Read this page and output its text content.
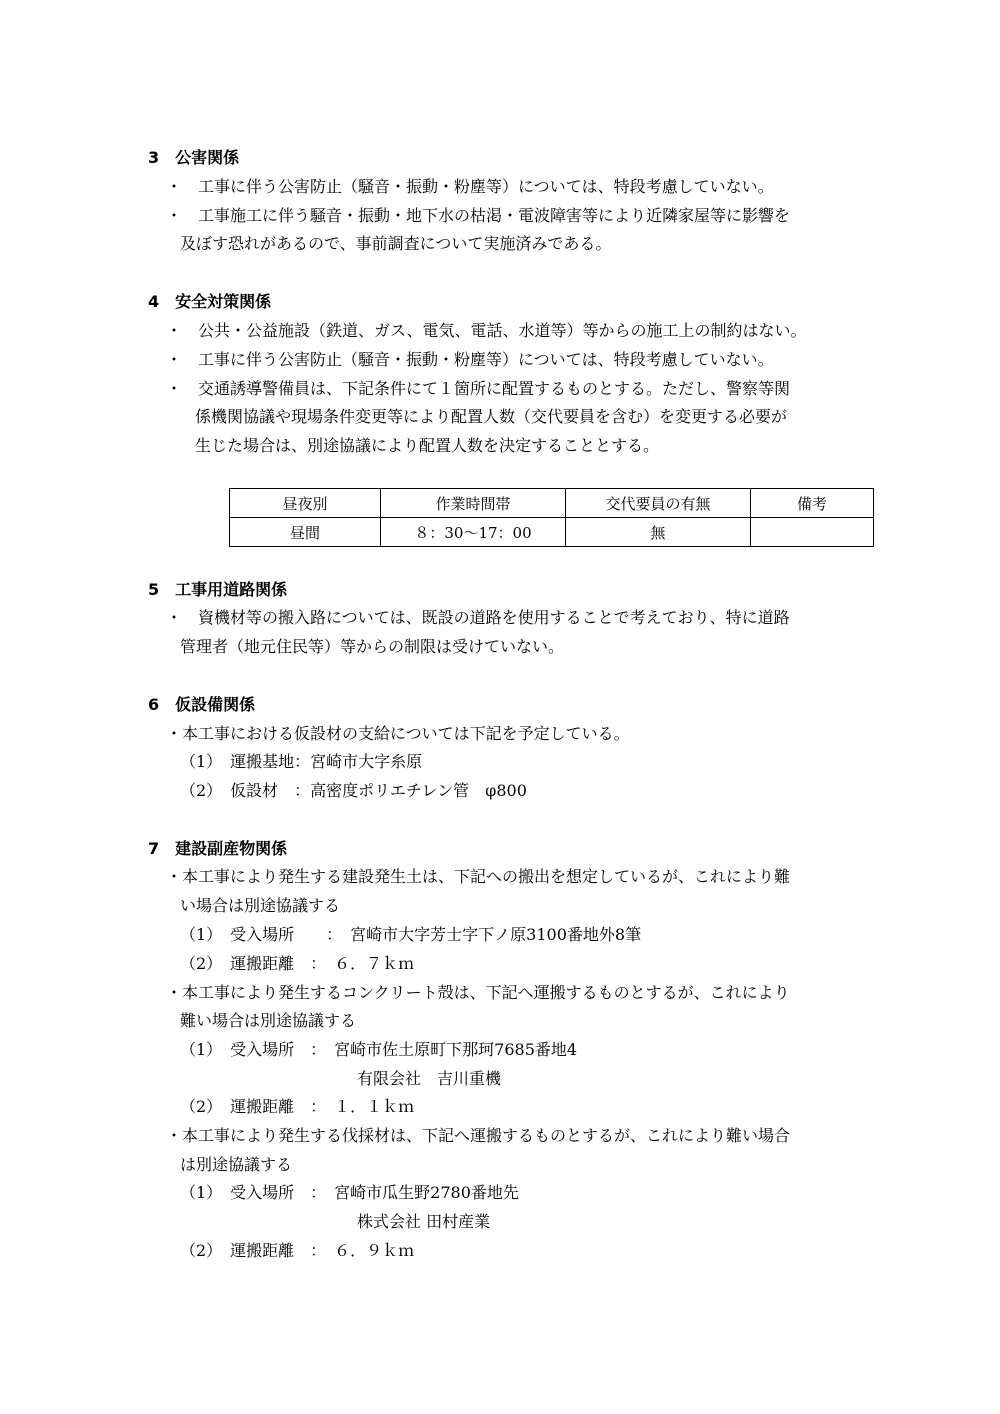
3　公害関係
・　工事に伴う公害防止（騒音・振動・粉塵等）については、特段考慮していない。
・　工事施工に伴う騒音・振動・地下水の枯渇・電波障害等により近隣家屋等に影響を
及ぼす恐れがあるので、事前調査について実施済みである。
4　安全対策関係
・　公共・公益施設（鉄道、ガス、電気、電話、水道等）等からの施工上の制約はない。
・　工事に伴う公害防止（騒音・振動・粉塵等）については、特段考慮していない。
・　交通誘導警備員は、下記条件にて１箇所に配置するものとする。ただし、警察等関
係機関協議や現場条件変更等により配置人数（交代要員を含む）を変更する必要が
生じた場合は、別途協議により配置人数を決定することとする。
昼夜別	作業時間帯	交代要員の有無	備考
昼間	８：30～17：00	無	
5　工事用道路関係
・　資機材等の搬入路については、既設の道路を使用することで考えており、特に道路
管理者（地元住民等）等からの制限は受けていない。
6　仮設備関係
・本工事における仮設材の支給については下記を予定している。
（1）　運搬基地：宮崎市大字糸原
（2）　仮設材　：高密度ポリエチレン管　φ800
7　建設副産物関係
・本工事により発生する建設発生土は、下記への搬出を想定しているが、これにより難
い場合は別途協議する
（1）　受入場所　　：　宮崎市大字芳士字下ノ原3100番地外8筆
（2）　運搬距離　：　６．７ｋｍ
・本工事により発生するコンクリート殻は、下記へ運搬するものとするが、これにより
難い場合は別途協議する
（1）　受入場所　：　宮崎市佐土原町下那珂7685番地4
有限会社　吉川重機
（2）　運搬距離　：　１．１ｋｍ
・本工事により発生する伐採材は、下記へ運搬するものとするが、これにより難い場合
は別途協議する
（1）　受入場所　：　宮崎市瓜生野2780番地先
株式会社 田村産業
（2）　運搬距離　：　６．９ｋｍ
